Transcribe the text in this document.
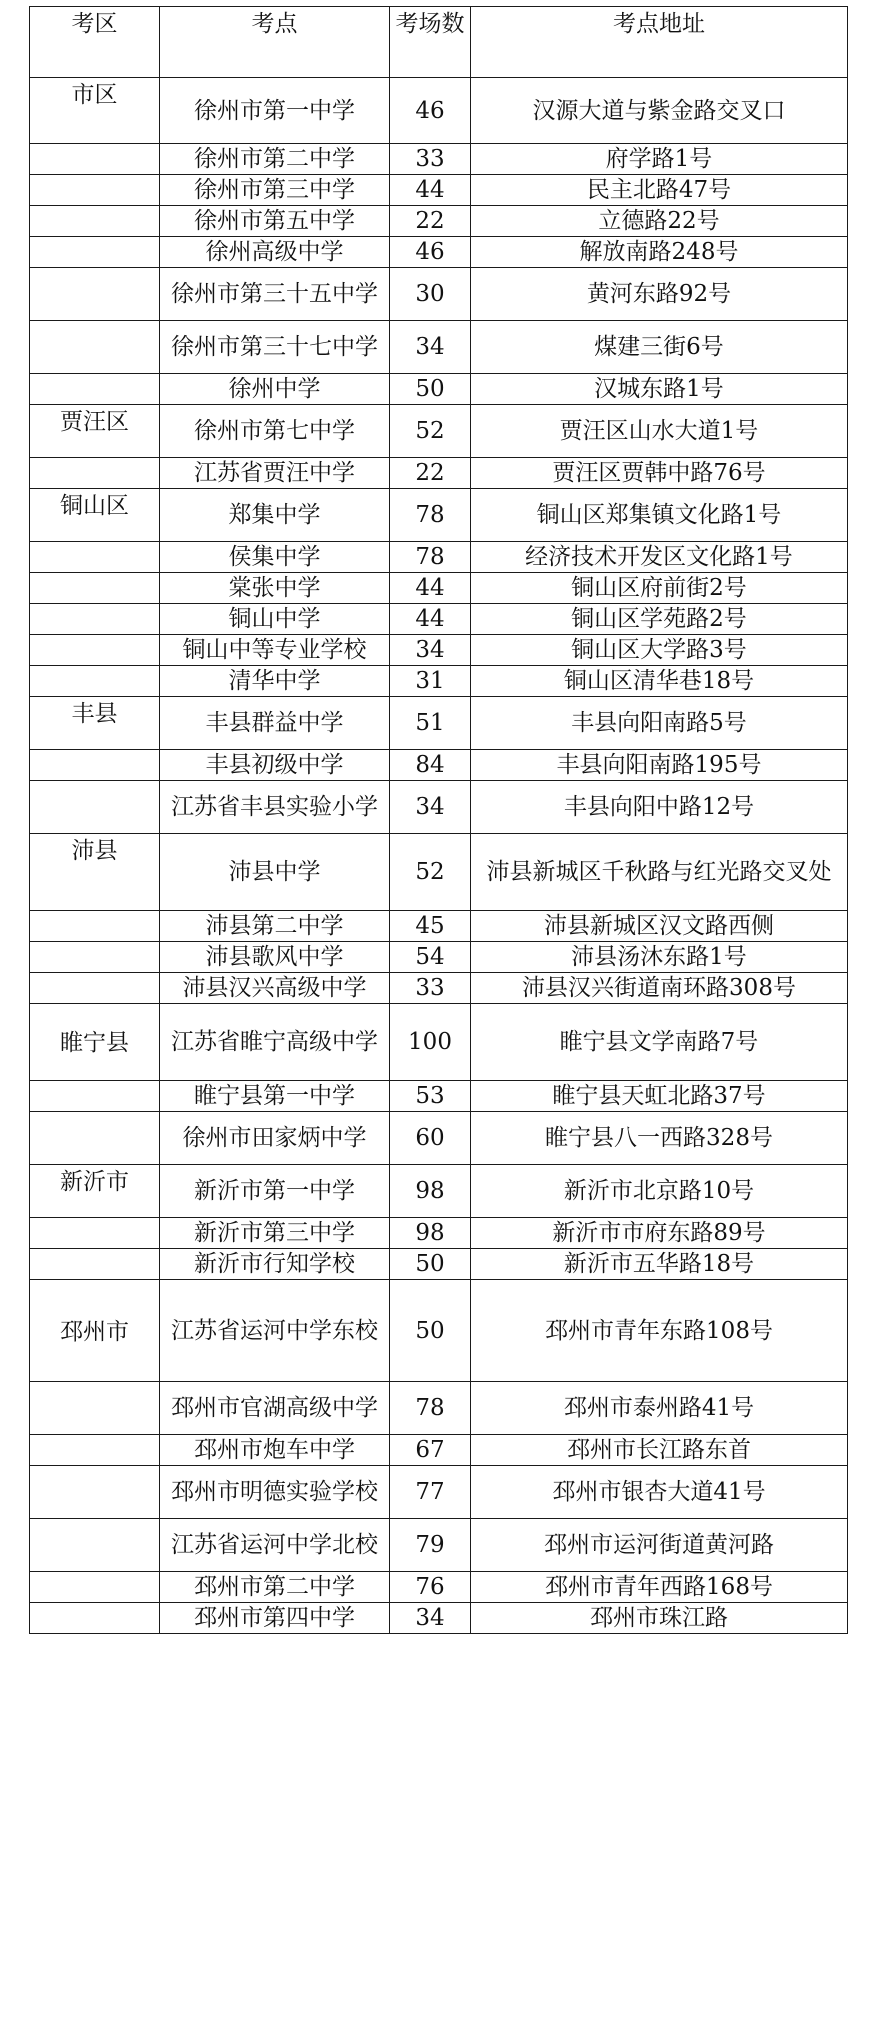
考区	考点	考场数	考点地址
市区	徐州市第一中学	46	汉源大道与紫金路交叉口
	徐州市第二中学	33	府学路1号
	徐州市第三中学	44	民主北路47号
	徐州市第五中学	22	立德路22号
	徐州高级中学	46	解放南路248号
	徐州市第三十五中学	30	黄河东路92号
	徐州市第三十七中学	34	煤建三街6号
	徐州中学	50	汉城东路1号
贾汪区	徐州市第七中学	52	贾汪区山水大道1号
	江苏省贾汪中学	22	贾汪区贾韩中路76号
铜山区	郑集中学	78	铜山区郑集镇文化路1号
	侯集中学	78	经济技术开发区文化路1号
	棠张中学	44	铜山区府前街2号
	铜山中学	44	铜山区学苑路2号
	铜山中等专业学校	34	铜山区大学路3号
	清华中学	31	铜山区清华巷18号
丰县	丰县群益中学	51	丰县向阳南路5号
	丰县初级中学	84	丰县向阳南路195号
	江苏省丰县实验小学	34	丰县向阳中路12号
沛县	沛县中学	52	沛县新城区千秋路与红光路交叉处
	沛县第二中学	45	沛县新城区汉文路西侧
	沛县歌风中学	54	沛县汤沐东路1号
	沛县汉兴高级中学	33	沛县汉兴街道南环路308号
睢宁县	江苏省睢宁高级中学	100	睢宁县文学南路7号
	睢宁县第一中学	53	睢宁县天虹北路37号
	徐州市田家炳中学	60	睢宁县八一西路328号
新沂市	新沂市第一中学	98	新沂市北京路10号
	新沂市第三中学	98	新沂市市府东路89号
	新沂市行知学校	50	新沂市五华路18号
邳州市	江苏省运河中学东校	50	邳州市青年东路108号
	邳州市官湖高级中学	78	邳州市泰州路41号
	邳州市炮车中学	67	邳州市长江路东首
	邳州市明德实验学校	77	邳州市银杏大道41号
	江苏省运河中学北校	79	邳州市运河街道黄河路
	邳州市第二中学	76	邳州市青年西路168号
	邳州市第四中学	34	邳州市珠江路
